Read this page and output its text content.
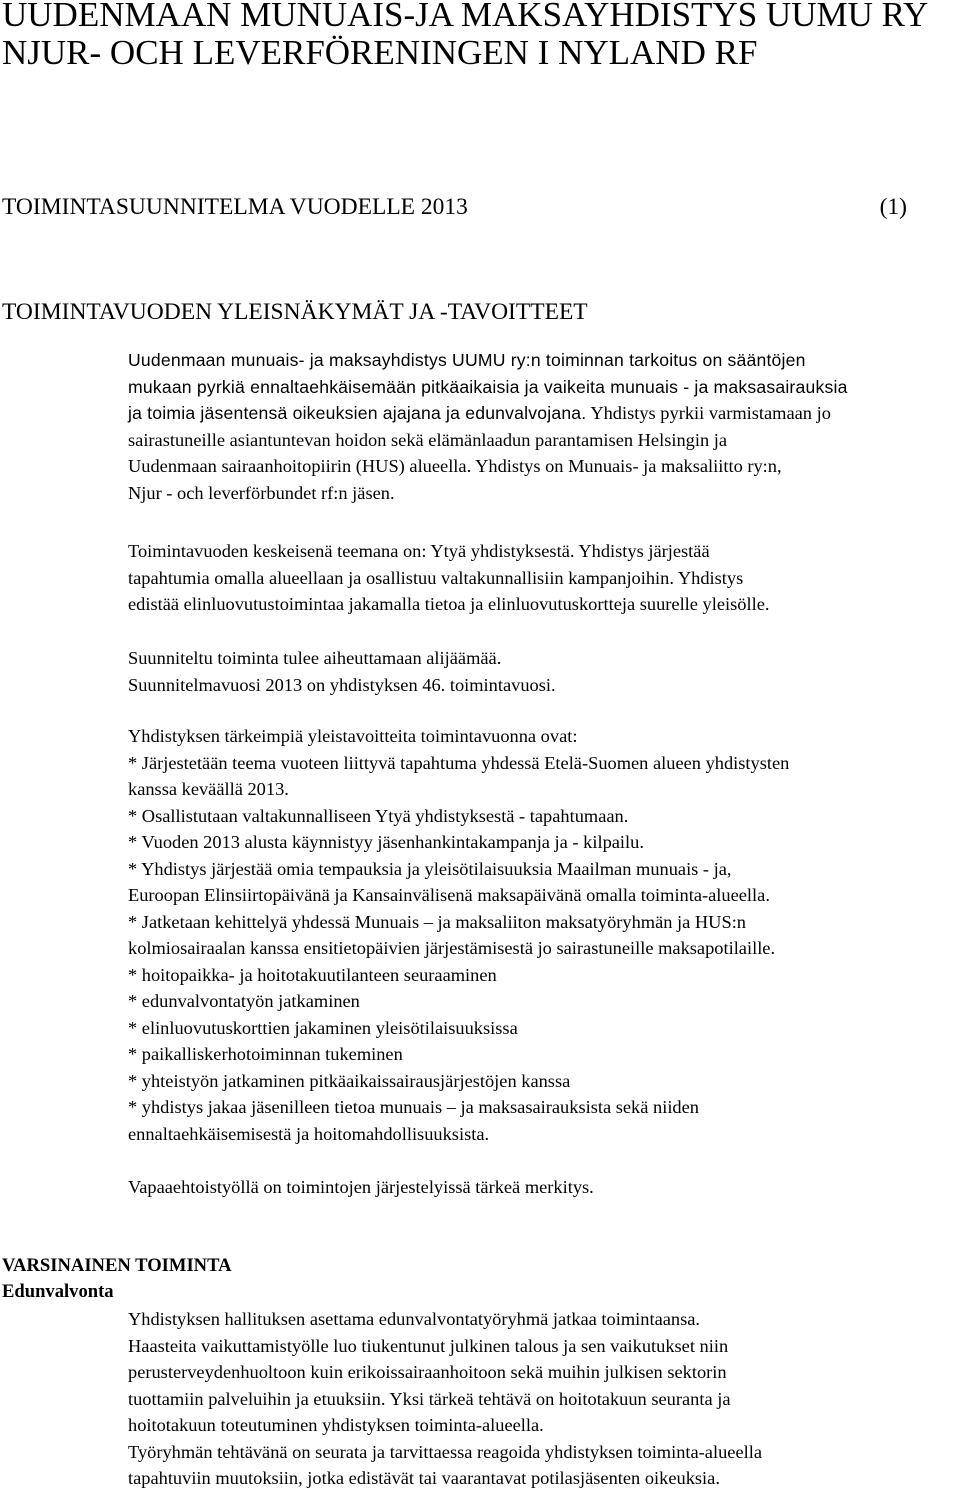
UUDENMAAN MUNUAIS-JA MAKSAYHDISTYS UUMU RY
NJUR- OCH LEVERFÖRENINGEN I NYLAND RF
TOIMINTASUUNNITELMA VUODELLE 2013	(1)
TOIMINTAVUODEN YLEISNÄKYMÄT JA -TAVOITTEET
Uudenmaan munuais- ja maksayhdistys UUMU ry:n toiminnan tarkoitus on sääntöjen
mukaan pyrkiä ennaltaehkäisemään pitkäaikaisia ja vaikeita munuais - ja maksasairauksia
ja toimia jäsentensä oikeuksien ajajana ja edunvalvojana. Yhdistys pyrkii varmistamaan jo
sairastuneille asiantuntevan hoidon sekä elämänlaadun parantamisen Helsingin ja
Uudenmaan sairaanhoitopiirin (HUS) alueella. Yhdistys on Munuais- ja maksaliitto ry:n,
Njur - och leverförbundet rf:n jäsen.
Toimintavuoden keskeisenä teemana on: Ytyä yhdistyksestä. Yhdistys järjestää
tapahtumia omalla alueellaan ja osallistuu valtakunnallisiin kampanjoihin. Yhdistys
edistää elinluovutustoimintaa jakamalla tietoa ja elinluovutuskortteja suurelle yleisölle.
Suunniteltu toiminta tulee aiheuttamaan alijäämää.
Suunnitelmavuosi 2013 on yhdistyksen 46. toimintavuosi.
Yhdistyksen tärkeimpiä yleistavoitteita toimintavuonna ovat:
* Järjestetään teema vuoteen liittyvä tapahtuma yhdessä Etelä-Suomen alueen yhdistysten
kanssa keväällä 2013.
* Osallistutaan valtakunnalliseen Ytyä yhdistyksestä - tapahtumaan.
* Vuoden 2013 alusta käynnistyy jäsenhankintakampanja ja - kilpailu.
* Yhdistys järjestää omia tempauksia ja yleisötilaisuuksia Maailman munuais - ja,
Euroopan Elinsiirtopäivänä ja Kansainvälisenä maksapäivänä omalla toiminta-alueella.
* Jatketaan kehittelyä yhdessä Munuais – ja maksaliiton maksatyöryhmän ja HUS:n
kolmiosairaalan kanssa ensitietopäivien järjestämisestä jo sairastuneille maksapotilaille.
* hoitopaikka- ja hoitotakuutilanteen seuraaminen
* edunvalvontatyön jatkaminen
* elinluovutuskorttien jakaminen yleisötilaisuuksissa
* paikalliskerhotoiminnan tukeminen
* yhteistyön jatkaminen pitkäaikaissairausjärjestöjen kanssa
* yhdistys jakaa jäsenilleen tietoa munuais – ja maksasairauksista sekä niiden
ennaltaehkäisemisestä ja hoitomahdollisuuksista.
Vapaaehtoistyöllä on toimintojen järjestelyissä tärkeä merkitys.
VARSINAINEN TOIMINTA
Edunvalvonta
Yhdistyksen hallituksen asettama edunvalvontatyöryhmä jatkaa toimintaansa.
Haasteita vaikuttamistyölle luo tiukentunut julkinen talous ja sen vaikutukset niin
perusterveydenhuoltoon kuin erikoissairaanhoitoon sekä muihin julkisen sektorin
tuottamiin palveluihin ja etuuksiin. Yksi tärkeä tehtävä on hoitotakuun seuranta ja
hoitotakuun toteutuminen yhdistyksen toiminta-alueella.
Työryhmän tehtävänä on seurata ja tarvittaessa reagoida yhdistyksen toiminta-alueella
tapahtuviin muutoksiin, jotka edistävät tai vaarantavat potilasjäsenten oikeuksia.
